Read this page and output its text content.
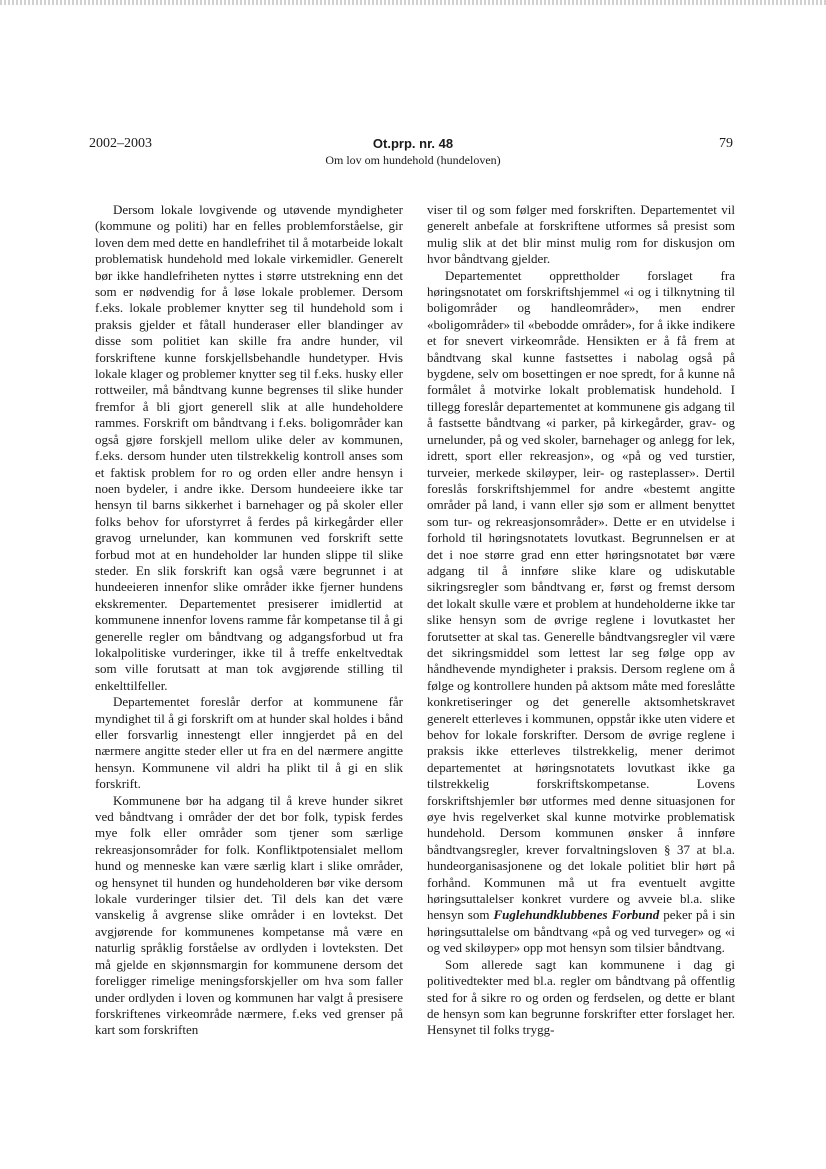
2002–2003	Ot.prp. nr. 48
Om lov om hundehold (hundeloven)
79

Dersom lokale lovgivende og utøvende myndigheter (kommune og politi) har en felles problemforståelse, gir loven dem med dette en handlefrihet til å motarbeide lokalt problematisk hundehold med lokale virkemidler. Generelt bør ikke handlefriheten nyttes i større utstrekning enn det som er nødvendig for å løse lokale problemer. Dersom f.eks. lokale problemer knytter seg til hundehold som i praksis gjelder et fåtall hunderaser eller blandinger av disse som politiet kan skille fra andre hunder, vil forskriftene kunne forskjellsbehandle hundetyper. Hvis lokale klager og problemer knytter seg til f.eks. husky eller rottweiler, må båndtvang kunne begrenses til slike hunder fremfor å bli gjort generell slik at alle hundeholdere rammes. Forskrift om båndtvang i f.eks. boligområder kan også gjøre forskjell mellom ulike deler av kommunen, f.eks. dersom hunder uten tilstrekkelig kontroll anses som et faktisk problem for ro og orden eller andre hensyn i noen bydeler, i andre ikke. Dersom hundeeiere ikke tar hensyn til barns sikkerhet i barnehager og på skoler eller folks behov for uforstyrret å ferdes på kirkegårder eller gravog urnelunder, kan kommunen ved forskrift sette forbud mot at en hundeholder lar hunden slippe til slike steder. En slik forskrift kan også være begrunnet i at hundeeieren innenfor slike områder ikke fjerner hundens ekskrementer. Departementet presiserer imidlertid at kommunene innenfor lovens ramme får kompetanse til å gi generelle regler om båndtvang og adgangsforbud ut fra lokalpolitiske vurderinger, ikke til å treffe enkeltvedtak som ville forutsatt at man tok avgjørende stilling til enkelttilfeller.

Departementet foreslår derfor at kommunene får myndighet til å gi forskrift om at hunder skal holdes i bånd eller forsvarlig innestengt eller inngjerdet på en del nærmere angitte steder eller ut fra en del nærmere angitte hensyn. Kommunene vil aldri ha plikt til å gi en slik forskrift.

Kommunene bør ha adgang til å kreve hunder sikret ved båndtvang i områder der det bor folk, typisk ferdes mye folk eller områder som tjener som særlige rekreasjonsområder for folk. Konfliktpotensialet mellom hund og menneske kan være særlig klart i slike områder, og hensynet til hunden og hundeholderen bør vike dersom lokale vurderinger tilsier det. Til dels kan det være vanskelig å avgrense slike områder i en lovtekst. Det avgjørende for kommunenes kompetanse må være en naturlig språklig forståelse av ordlyden i lovteksten. Det må gjelde en skjønnsmargin for kommunene dersom det foreligger rimelige meningsforskjeller om hva som faller under ordlyden i loven og kommunen har valgt å presisere forskriftenes virkeområde nærmere, f.eks ved grenser på kart som forskriften

viser til og som følger med forskriften. Departementet vil generelt anbefale at forskriftene utformes så presist som mulig slik at det blir minst mulig rom for diskusjon om hvor båndtvang gjelder.

Departementet opprettholder forslaget fra høringsnotatet om forskriftshjemmel «i og i tilknytning til boligområder og handleområder», men endrer «boligområder» til «bebodde områder», for å ikke indikere et for snevert virkeområde. Hensikten er å få frem at båndtvang skal kunne fastsettes i nabolag også på bygdene, selv om bosettingen er noe spredt, for å kunne nå formålet å motvirke lokalt problematisk hundehold. I tillegg foreslår departementet at kommunene gis adgang til å fastsette båndtvang «i parker, på kirkegårder, grav- og urnelunder, på og ved skoler, barnehager og anlegg for lek, idrett, sport eller rekreasjon», og «på og ved turstier, turveier, merkede skiløyper, leir- og rasteplasser». Dertil foreslås forskriftshjemmel for andre «bestemt angitte områder på land, i vann eller sjø som er allment benyttet som tur- og rekreasjonsområder». Dette er en utvidelse i forhold til høringsnotatets lovutkast. Begrunnelsen er at det i noe større grad enn etter høringsnotatet bør være adgang til å innføre slike klare og udiskutable sikringsregler som båndtvang er, først og fremst dersom det lokalt skulle være et problem at hundeholderne ikke tar slike hensyn som de øvrige reglene i lovutkastet her forutsetter at skal tas. Generelle båndtvangsregler vil være det sikringsmiddel som lettest lar seg følge opp av håndhevende myndigheter i praksis. Dersom reglene om å følge og kontrollere hunden på aktsom måte med foreslåtte konkretiseringer og det generelle aktsomhetskravet generelt etterleves i kommunen, oppstår ikke uten videre et behov for lokale forskrifter. Dersom de øvrige reglene i praksis ikke etterleves tilstrekkelig, mener derimot departementet at høringsnotatets lovutkast ikke ga tilstrekkelig forskriftskompetanse. Lovens forskriftshjemler bør utformes med denne situasjonen for øye hvis regelverket skal kunne motvirke problematisk hundehold. Dersom kommunen ønsker å innføre båndtvangsregler, krever forvaltningsloven § 37 at bl.a. hundeorganisasjonene og det lokale politiet blir hørt på forhånd. Kommunen må ut fra eventuelt avgitte høringsuttalelser konkret vurdere og avveie bl.a. slike hensyn som Fuglehundklubbenes Forbund peker på i sin høringsuttalelse om båndtvang «på og ved turveger» og «i og ved skiløyper» opp mot hensyn som tilsier båndtvang.

Som allerede sagt kan kommunene i dag gi politivedtekter med bl.a. regler om båndtvang på offentlig sted for å sikre ro og orden og ferdselen, og dette er blant de hensyn som kan begrunne forskrifter etter forslaget her. Hensynet til folks trygg-
